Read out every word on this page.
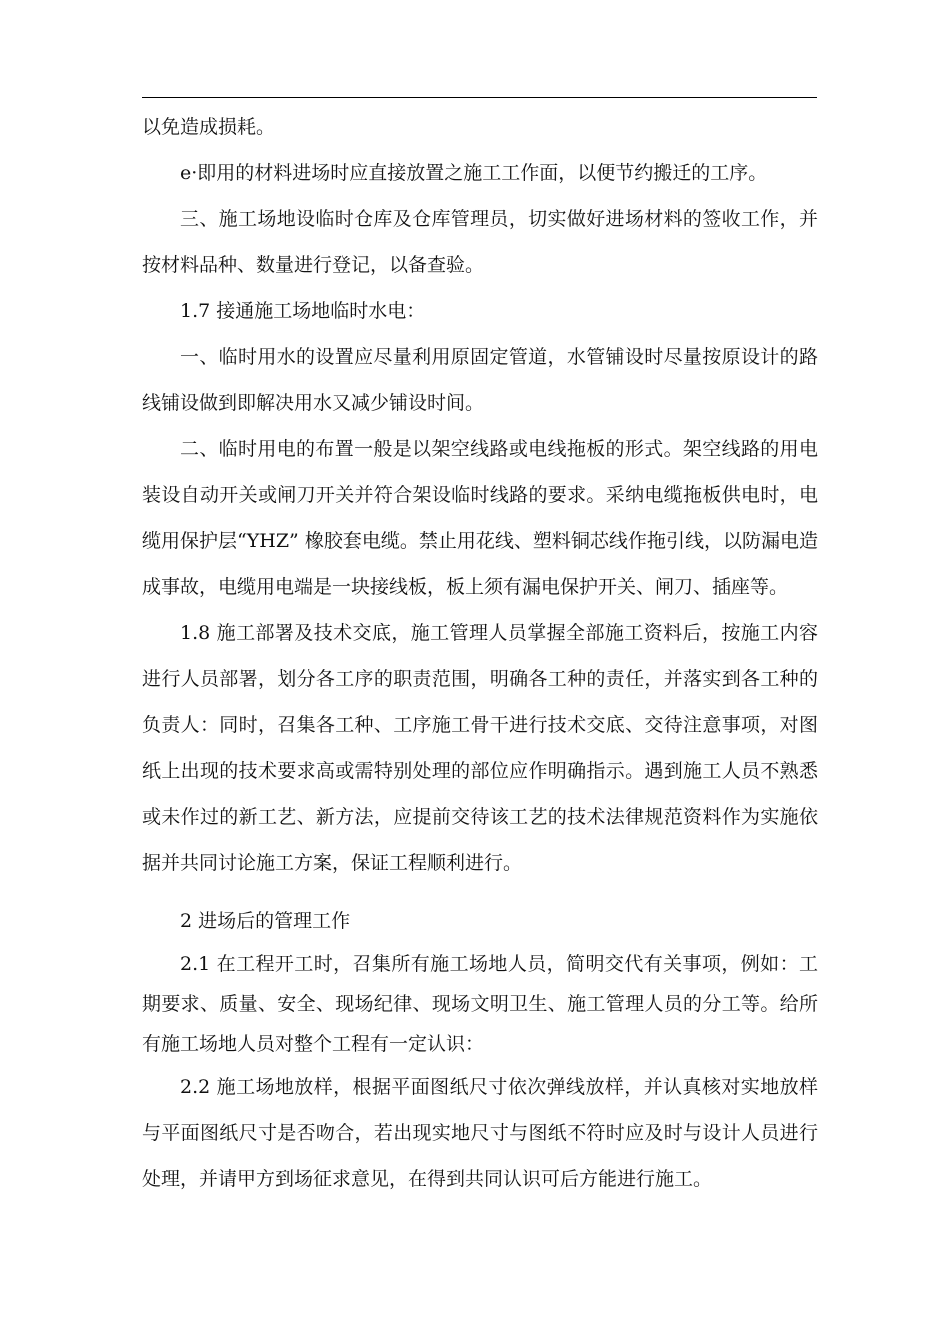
以免造成损耗。

e·即用的材料进场时应直接放置之施工工作面，以便节约搬迁的工序。

三、施工场地设临时仓库及仓库管理员，切实做好进场材料的签收工作，并按材料品种、数量进行登记，以备查验。

1.7 接通施工场地临时水电：

一、临时用水的设置应尽量利用原固定管道，水管铺设时尽量按原设计的路线铺设做到即解决用水又减少铺设时间。

二、临时用电的布置一般是以架空线路或电线拖板的形式。架空线路的用电装设自动开关或闸刀开关并符合架设临时线路的要求。采纳电缆拖板供电时，电缆用保护层“YHZ” 橡胶套电缆。禁止用花线、塑料铜芯线作拖引线，以防漏电造成事故，电缆用电端是一块接线板，板上须有漏电保护开关、闸刀、插座等。

1.8 施工部署及技术交底，施工管理人员掌握全部施工资料后，按施工内容进行人员部署，划分各工序的职责范围，明确各工种的责任，并落实到各工种的负责人：同时，召集各工种、工序施工骨干进行技术交底、交待注意事项，对图纸上出现的技术要求高或需特别处理的部位应作明确指示。遇到施工人员不熟悉或未作过的新工艺、新方法，应提前交待该工艺的技术法律规范资料作为实施依据并共同讨论施工方案，保证工程顺利进行。

2 进场后的管理工作

2.1 在工程开工时，召集所有施工场地人员，简明交代有关事项，例如：工期要求、质量、安全、现场纪律、现场文明卫生、施工管理人员的分工等。给所有施工场地人员对整个工程有一定认识：

2.2 施工场地放样，根据平面图纸尺寸依次弹线放样，并认真核对实地放样与平面图纸尺寸是否吻合，若出现实地尺寸与图纸不符时应及时与设计人员进行处理，并请甲方到场征求意见，在得到共同认识可后方能进行施工。
